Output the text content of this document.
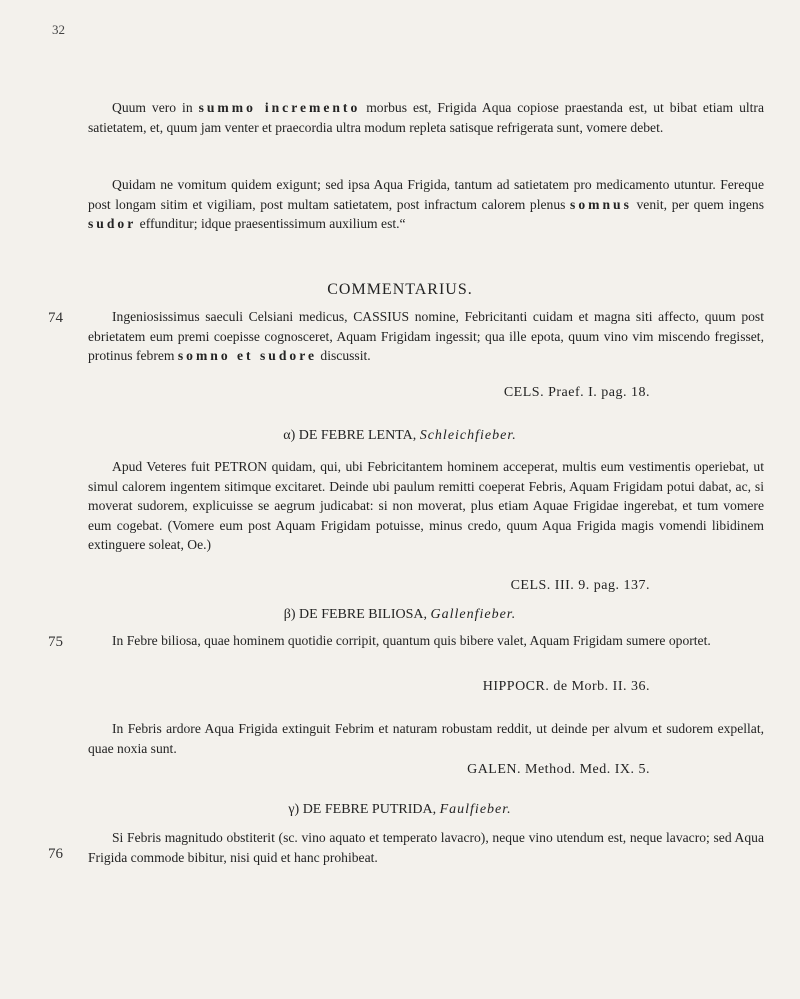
32
Quum vero in summo incremento morbus est, Frigida Aqua copiose praestanda est, ut bibat etiam ultra satietatem, et, quum jam venter et praecordia ultra modum repleta satisque refrigerata sunt, vomere debet.
Quidam ne vomitum quidem exigunt; sed ipsa Aqua Frigida, tantum ad satietatem pro medicamento utuntur. Fereque post longam sitim et vigiliam, post multam satietatem, post infractum calorem plenus somnus venit, per quem ingens sudor effunditur; idque praesentissimum auxilium est.“
COMMENTARIUS.
74	Ingeniosissimus saeculi Celsiani medicus, CASSIUS nomine, Febricitanti cuidam et magna siti affecto, quum post ebrietatem eum premi coepisse cognosceret, Aquam Frigidam ingessit; qua ille epota, quum vino vim miscendo fregisset, protinus febrem somno et sudore discussit.
CELS. Praef. I. pag. 18.
α) DE FEBRE LENTA, Schleichfieber.
Apud Veteres fuit PETRON quidam, qui, ubi Febricitantem hominem acceperat, multis eum vestimentis operiebat, ut simul calorem ingentem sitimque excitaret. Deinde ubi paulum remitti coeperat Febris, Aquam Frigidam potui dabat, ac, si moverat sudorem, explicuisse se aegrum judicabat: si non moverat, plus etiam Aquae Frigidae ingerebat, et tum vomere eum cogebat. (Vomere eum post Aquam Frigidam potuisse, minus credo, quum Aqua Frigida magis vomendi libidinem extinguere soleat, Oe.)
CELS. III. 9. pag. 137.
β) DE FEBRE BILIOSA, Gallenfieber.
75	In Febre biliosa, quae hominem quotidie corripit, quantum quis bibere valet, Aquam Frigidam sumere oportet.
HIPPOCR. de Morb. II. 36.
In Febris ardore Aqua Frigida extinguit Febrim et naturam robustam reddit, ut deinde per alvum et sudorem expellat, quae noxia sunt.
GALEN. Method. Med. IX. 5.
γ) DE FEBRE PUTRIDA, Faulfieber.
76
Si Febris magnitudo obstiterit (sc. vino aquato et temperato lavacro), neque vino utendum est, neque lavacro; sed Aqua Frigida commode bibitur, nisi quid et hanc prohibeat.
